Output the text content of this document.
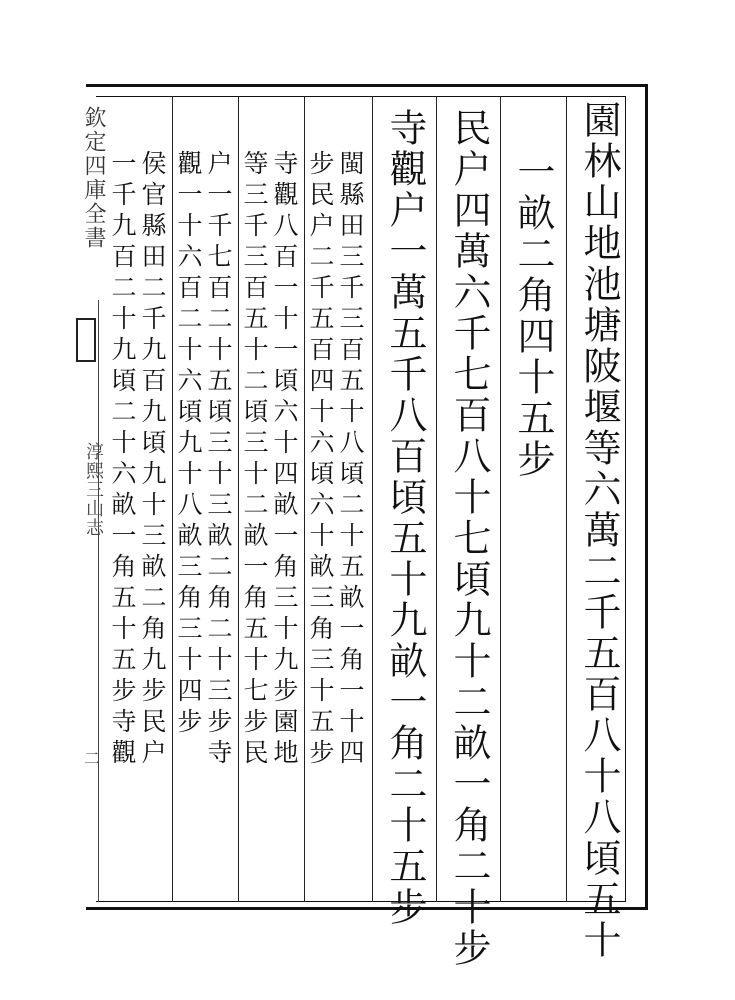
欽定四庫全書
淳熙三山志
二	園林山地池塘陂堰等六萬二千五百八十八頃五十
一畝二角四十五步
民户四萬六千七百八十七頃九十二畝一角二十步
寺觀户一萬五千八百頃五十九畝一角二十五步
閩縣田三千三百五十八頃二十五畝一角一十四
步民户二千五百四十六頃六十畝三角三十五步
寺觀八百一十一頃六十四畝一角三十九步園地
等三千三百五十二頃三十二畝一角五十七步民
户一千七百二十五頃三十三畝二角二十三步寺
觀一十六百二十六頃九十八畝三角三十四步
侯官縣田二千九百九頃九十三畝二角九步民户
一千九百二十九頃二十六畝一角五十五步寺觀
